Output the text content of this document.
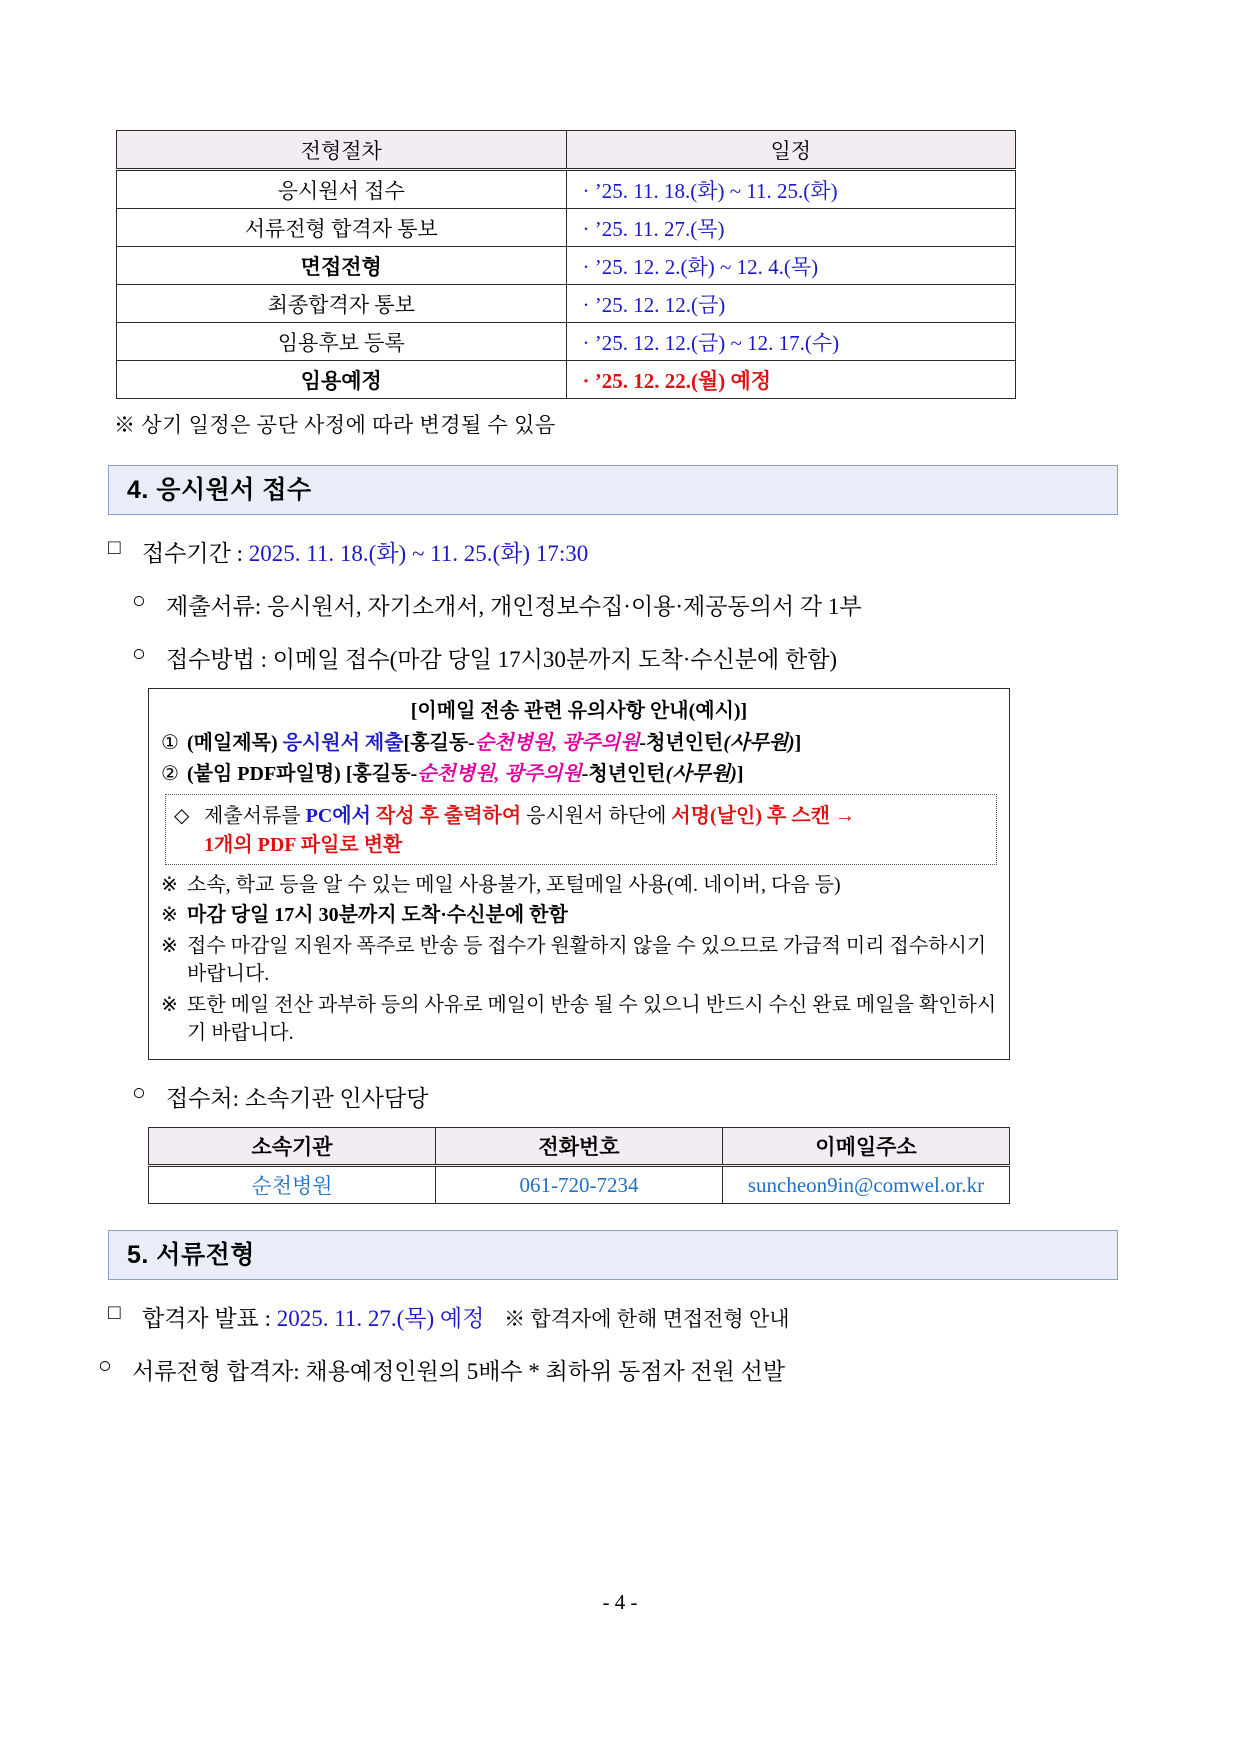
전형절차	일정
응시원서 접수	· ’25. 11. 18.(화) ~ 11. 25.(화)
서류전형 합격자 통보	· ’25. 11. 27.(목)
면접전형	· ’25. 12. 2.(화) ~ 12. 4.(목)
최종합격자 통보	· ’25. 12. 12.(금)
임용후보 등록	· ’25. 12. 12.(금) ~ 12. 17.(수)
임용예정	· ’25. 12. 22.(월) 예정
※ 상기 일정은 공단 사정에 따라 변경될 수 있음
4. 응시원서 접수
□ 접수기간 : 2025. 11. 18.(화) ~ 11. 25.(화) 17:30
○ 제출서류: 응시원서, 자기소개서, 개인정보수집·이용·제공동의서 각 1부
○ 접수방법 : 이메일 접수(마감 당일 17시30분까지 도착·수신분에 한함)
[이메일 전송 관련 유의사항 안내(예시)]
① (메일제목) 응시원서 제출[홍길동-순천병원, 광주의원-청년인턴(사무원)]
② (붙임 PDF파일명) [홍길동-순천병원, 광주의원-청년인턴(사무원)]
◇ 제출서류를 PC에서 작성 후 출력하여 응시원서 하단에 서명(날인) 후 스캔 →
1개의 PDF 파일로 변환
※ 소속, 학교 등을 알 수 있는 메일 사용불가, 포털메일 사용(예. 네이버, 다음 등)
※ 마감 당일 17시 30분까지 도착·수신분에 한함
※ 접수 마감일 지원자 폭주로 반송 등 접수가 원활하지 않을 수 있으므로 가급적 미리 접수하시기 바랍니다.
※ 또한 메일 전산 과부하 등의 사유로 메일이 반송 될 수 있으니 반드시 수신 완료 메일을 확인하시기 바랍니다.
○ 접수처: 소속기관 인사담당
소속기관	전화번호	이메일주소
순천병원	061-720-7234	suncheon9in@comwel.or.kr
5. 서류전형
□ 합격자 발표 : 2025. 11. 27.(목) 예정 ※ 합격자에 한해 면접전형 안내
○ 서류전형 합격자: 채용예정인원의 5배수 * 최하위 동점자 전원 선발
- 4 -
